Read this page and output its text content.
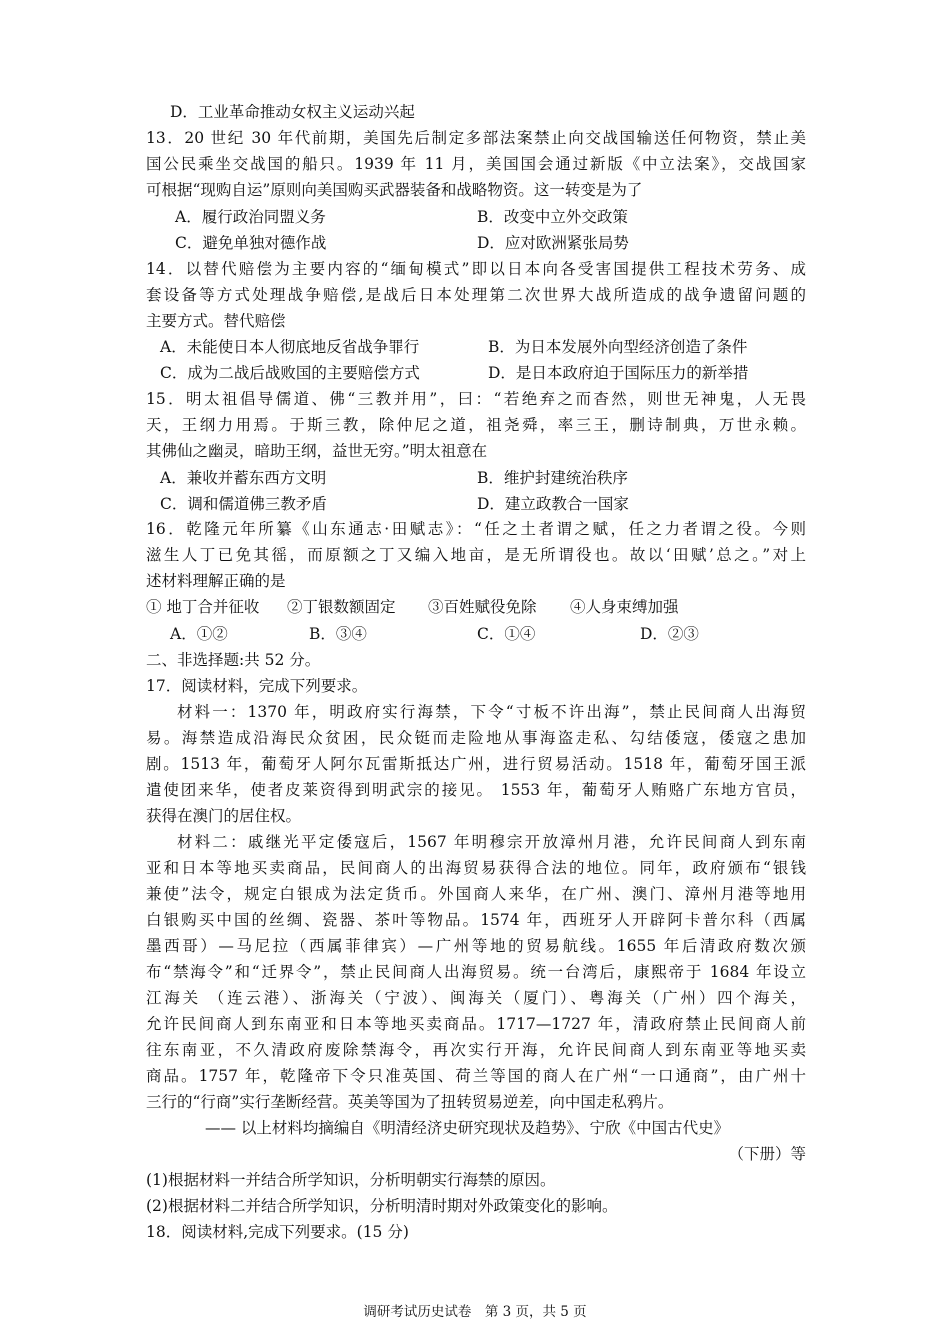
D．工业革命推动女权主义运动兴起
13．20 世纪 30 年代前期，美国先后制定多部法案禁止向交战国输送任何物资，禁止美
国公民乘坐交战国的船只。1939 年 11 月，美国国会通过新版《中立法案》，交战国家
可根据“现购自运”原则向美国购买武器装备和战略物资。这一转变是为了
A．履行政治同盟义务	B．改变中立外交政策
C．避免单独对德作战	D．应对欧洲紧张局势
14．以替代赔偿为主要内容的“缅甸模式”即以日本向各受害国提供工程技术劳务、成
套设备等方式处理战争赔偿,是战后日本处理第二次世界大战所造成的战争遗留问题的
主要方式。替代赔偿
A．未能使日本人彻底地反省战争罪行	B．为日本发展外向型经济创造了条件
C．成为二战后战败国的主要赔偿方式	D．是日本政府迫于国际压力的新举措
15．明太祖倡导儒道、佛“三教并用”，曰：“若绝弃之而杳然，则世无神鬼，人无畏
天，王纲力用焉。于斯三教，除仲尼之道，祖尧舜，率三王，删诗制典，万世永赖。
其佛仙之幽灵，暗助王纲，益世无穷。”明太祖意在
A．兼收并蓄东西方文明	B．维护封建统治秩序
C．调和儒道佛三教矛盾	D．建立政教合一国家
16．乾隆元年所纂《山东通志·田赋志》：“任之土者谓之赋，任之力者谓之役。今则
滋生人丁已免其徭，而原额之丁又编入地亩，是无所谓役也。故以‘田赋’总之。”对上
述材料理解正确的是
① 地丁合并征收 ②丁银数额固定 ③百姓赋役免除 ④人身束缚加强
A．①②	B．③④	C．①④	D．②③
二、非选择题:共 52 分。
17．阅读材料，完成下列要求。
材料一：1370 年，明政府实行海禁，下令“寸板不许出海”，禁止民间商人出海贸
易。海禁造成沿海民众贫困，民众铤而走险地从事海盗走私、勾结倭寇，倭寇之患加
剧。1513 年，葡萄牙人阿尔瓦雷斯抵达广州，进行贸易活动。1518 年，葡萄牙国王派
遣使团来华，使者皮莱资得到明武宗的接见。 1553 年，葡萄牙人贿赂广东地方官员，
获得在澳门的居住权。
材料二：戚继光平定倭寇后，1567 年明穆宗开放漳州月港，允许民间商人到东南
亚和日本等地买卖商品，民间商人的出海贸易获得合法的地位。同年，政府颁布“银钱
兼使”法令，规定白银成为法定货币。外国商人来华，在广州、澳门、漳州月港等地用
白银购买中国的丝绸、瓷器、茶叶等物品。1574 年，西班牙人开辟阿卡普尔科（西属
墨西哥）—马尼拉（西属菲律宾）—广州等地的贸易航线。1655 年后清政府数次颁
布“禁海令”和“迁界令”，禁止民间商人出海贸易。统一台湾后，康熙帝于 1684 年设立
江海关 （连云港）、浙海关（宁波）、闽海关（厦门）、粤海关（广州）四个海关，
允许民间商人到东南亚和日本等地买卖商品。1717—1727 年，清政府禁止民间商人前
往东南亚，不久清政府废除禁海令，再次实行开海，允许民间商人到东南亚等地买卖
商品。1757 年，乾隆帝下令只准英国、荷兰等国的商人在广州“一口通商”，由广州十
三行的“行商”实行垄断经营。英美等国为了扭转贸易逆差，向中国走私鸦片。
—— 以上材料均摘编自《明清经济史研究现状及趋势》、宁欣《中国古代史》
（下册）等
(1)根据材料一并结合所学知识，分析明朝实行海禁的原因。
(2)根据材料二并结合所学知识，分析明清时期对外政策变化的影响。
18．阅读材料,完成下列要求。(15 分)
调研考试历史试卷　第 3 页，共 5 页
